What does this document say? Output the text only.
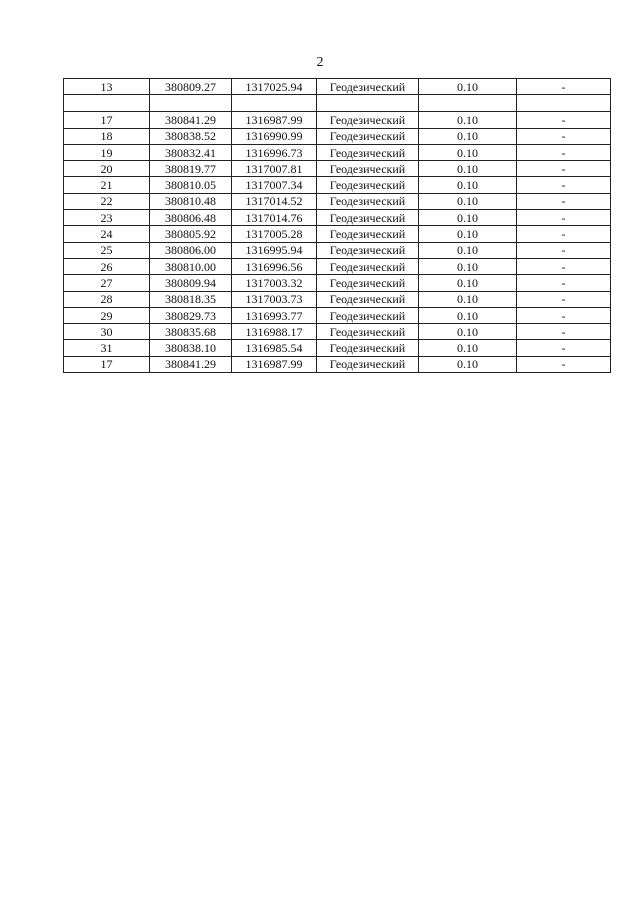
2
13	380809.27	1317025.94	Геодезический	0.10	-

17	380841.29	1316987.99	Геодезический	0.10	-
18	380838.52	1316990.99	Геодезический	0.10	-
19	380832.41	1316996.73	Геодезический	0.10	-
20	380819.77	1317007.81	Геодезический	0.10	-
21	380810.05	1317007.34	Геодезический	0.10	-
22	380810.48	1317014.52	Геодезический	0.10	-
23	380806.48	1317014.76	Геодезический	0.10	-
24	380805.92	1317005.28	Геодезический	0.10	-
25	380806.00	1316995.94	Геодезический	0.10	-
26	380810.00	1316996.56	Геодезический	0.10	-
27	380809.94	1317003.32	Геодезический	0.10	-
28	380818.35	1317003.73	Геодезический	0.10	-
29	380829.73	1316993.77	Геодезический	0.10	-
30	380835.68	1316988.17	Геодезический	0.10	-
31	380838.10	1316985.54	Геодезический	0.10	-
17	380841.29	1316987.99	Геодезический	0.10	-
